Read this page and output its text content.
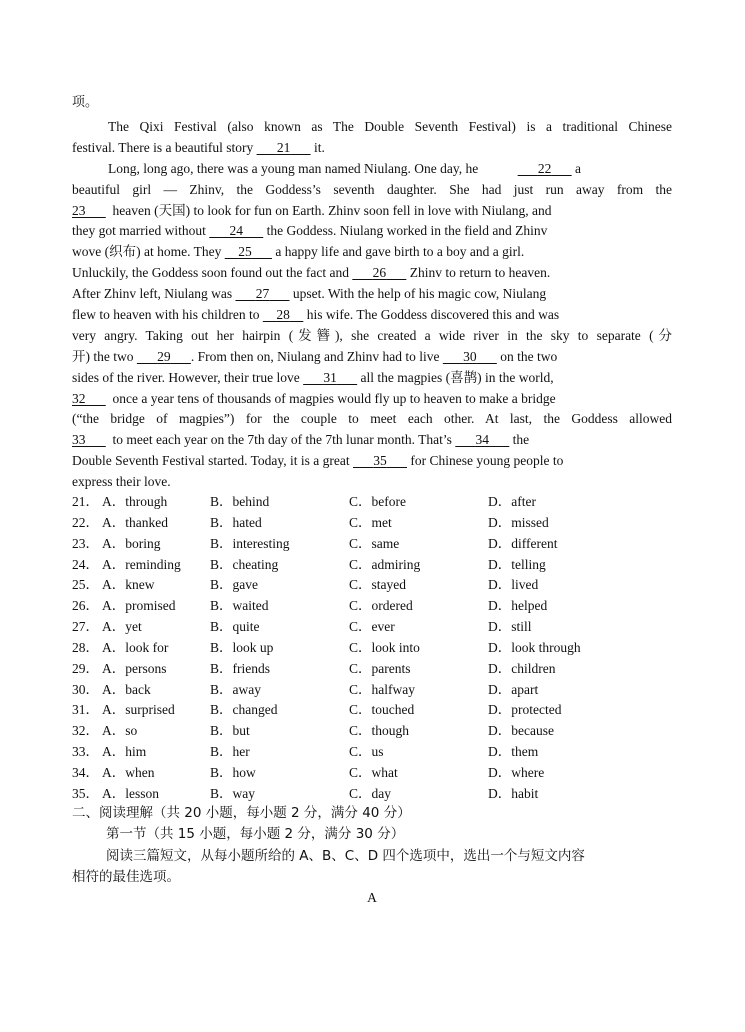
项。
The Qixi Festival (also known as The Double Seventh Festival) is a traditional Chinese
festival. There is a beautiful story       21       it.
Long, long ago, there was a young man named Niulang. One day, he	22       a
beautiful girl — Zhinv, the Goddess’s seventh daughter. She had just run away from the
23 heaven (天国) to look for fun on Earth. Zhinv soon fell in love with Niulang, and
they got married without       24       the Goddess. Niulang worked in the field and Zhinv
wove (织布) at home. They     25       a happy life and gave birth to a boy and a girl.
Unluckily, the Goddess soon found out the fact and       26       Zhinv to return to heaven.
After Zhinv left, Niulang was       27       upset. With the help of his magic cow, Niulang
flew to heaven with his children to     28     his wife. The Goddess discovered this and was
very angry. Taking out her hairpin (发簪), she created a wide river in the sky to separate (分
开) the two       29 . From then on, Niulang and Zhinv had to live       30       on the two
sides of the river. However, their true love       31       all the magpies (喜鹊) in the world,
32 once a year tens of thousands of magpies would fly up to heaven to make a bridge
(“the bridge of magpies”) for the couple to meet each other. At last, the Goddess allowed
33 to meet each year on the 7th day of the 7th lunar month. That’s       34       the
Double Seventh Festival started. Today, it is a great       35       for Chinese young people to
express their love.
21． A．through	B．behind	C．before	D．after
22． A．thanked	B．hated	C．met	D．missed
23． A．boring	B．interesting	C．same	D．different
24． A．reminding B．cheating	C．admiring	D．telling
25． A．knew	B．gave	C．stayed	D．lived
26． A．promised	B．waited	C．ordered	D．helped
27． A．yet	B．quite	C．ever	D．still
28． A．look for	B．look up	C．look into	D．look through
29． A．persons	B．friends	C．parents	D．children
30． A．back	B．away	C．halfway	D．apart
31． A．surprised	B．changed	C．touched	D．protected
32． A．so	B．but	C．though	D．because
33． A．him	B．her	C．us	D．them
34． A．when	B．how	C．what	D．where
35． A．lesson	B．way	C．day	D．habit
二、阅读理解（共 20 小题，每小题 2 分，满分 40 分）
第一节（共 15 小题，每小题 2 分，满分 30 分）
阅读三篇短文，从每小题所给的 A、B、C、D 四个选项中，选出一个与短文内容
相符的最佳选项。
A
